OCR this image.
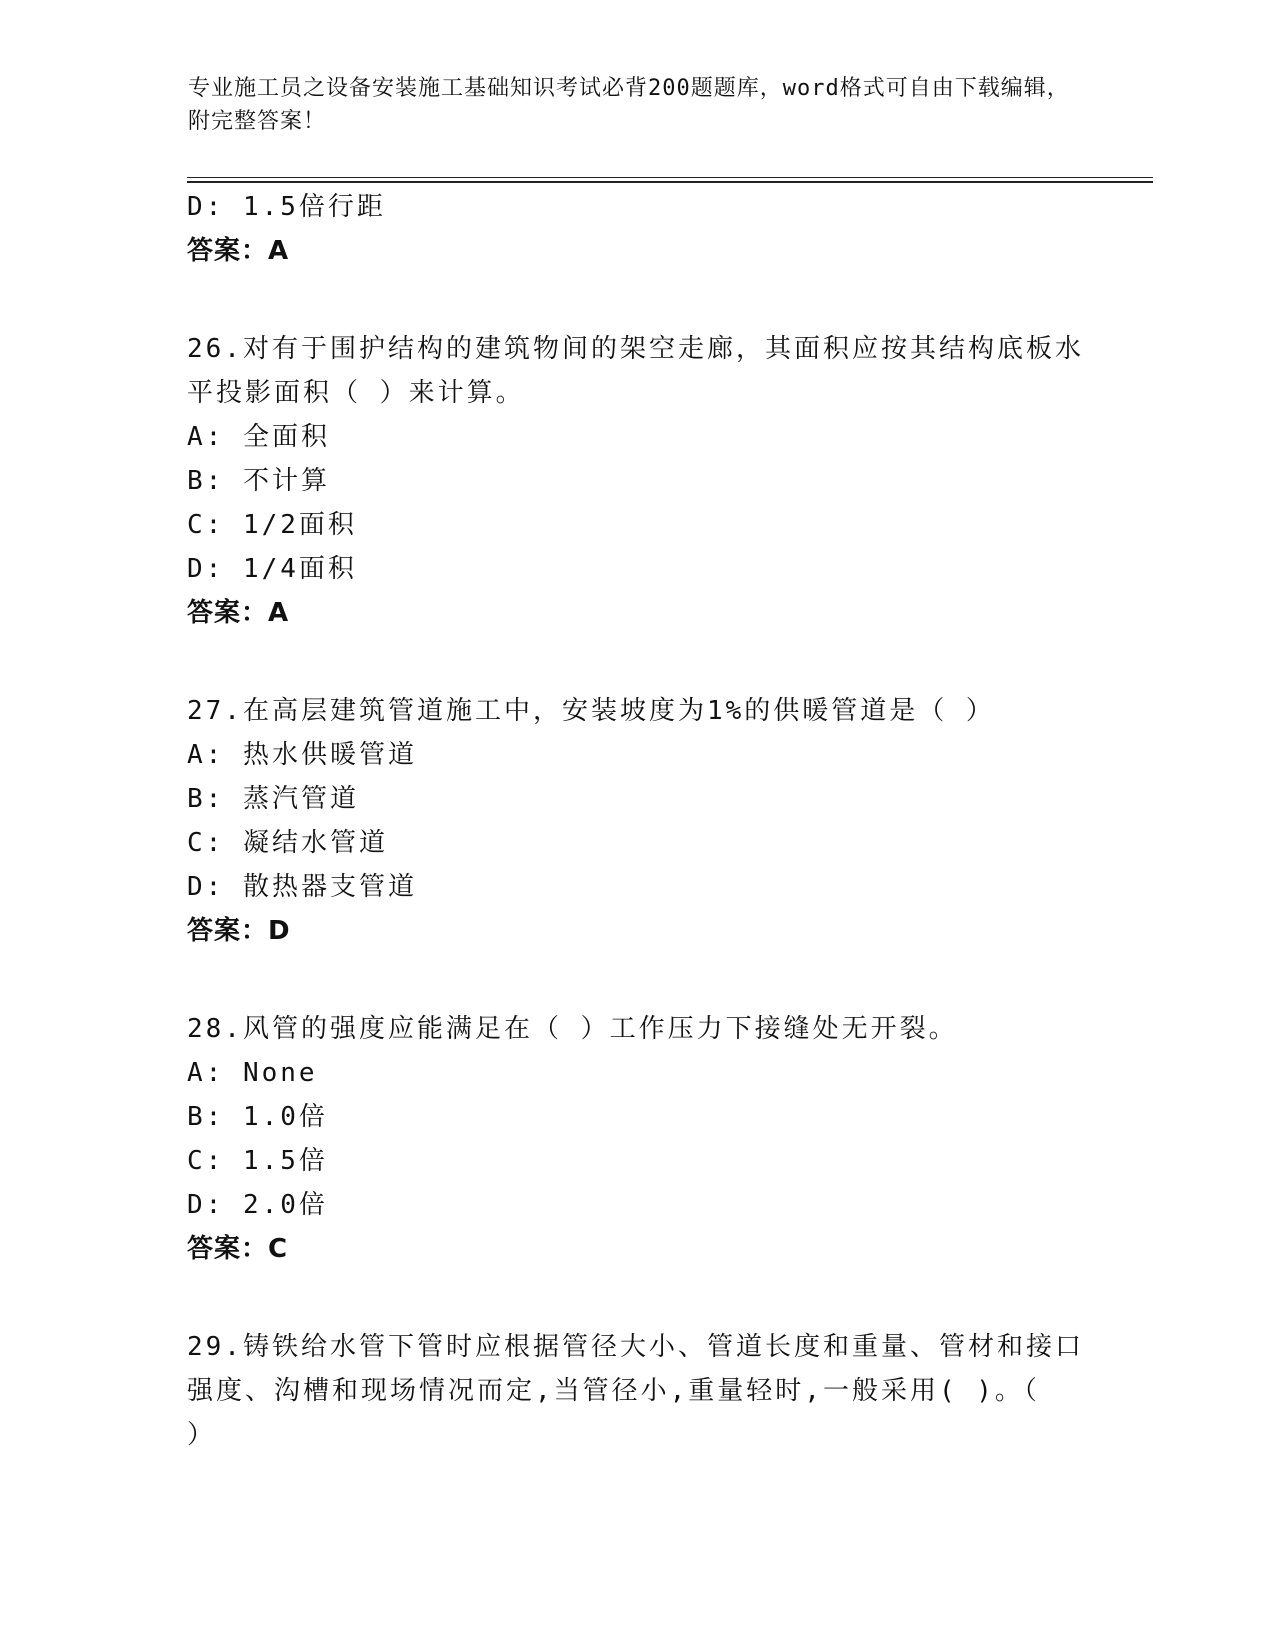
专业施工员之设备安装施工基础知识考试必背200题题库，word格式可自由下载编辑，附完整答案！
D: 1.5倍行距
答案：A
26.对有于围护结构的建筑物间的架空走廊，其面积应按其结构底板水
平投影面积（ ）来计算。
A: 全面积
B: 不计算
C: 1/2面积
D: 1/4面积
答案：A
27.在高层建筑管道施工中，安装坡度为1%的供暖管道是（ ）
A: 热水供暖管道
B: 蒸汽管道
C: 凝结水管道
D: 散热器支管道
答案：D
28.风管的强度应能满足在（ ）工作压力下接缝处无开裂。
A: None
B: 1.0倍
C: 1.5倍
D: 2.0倍
答案：C
29.铸铁给水管下管时应根据管径大小、管道长度和重量、管材和接口
强度、沟槽和现场情况而定,当管径小,重量轻时,一般采用( )。（
）
